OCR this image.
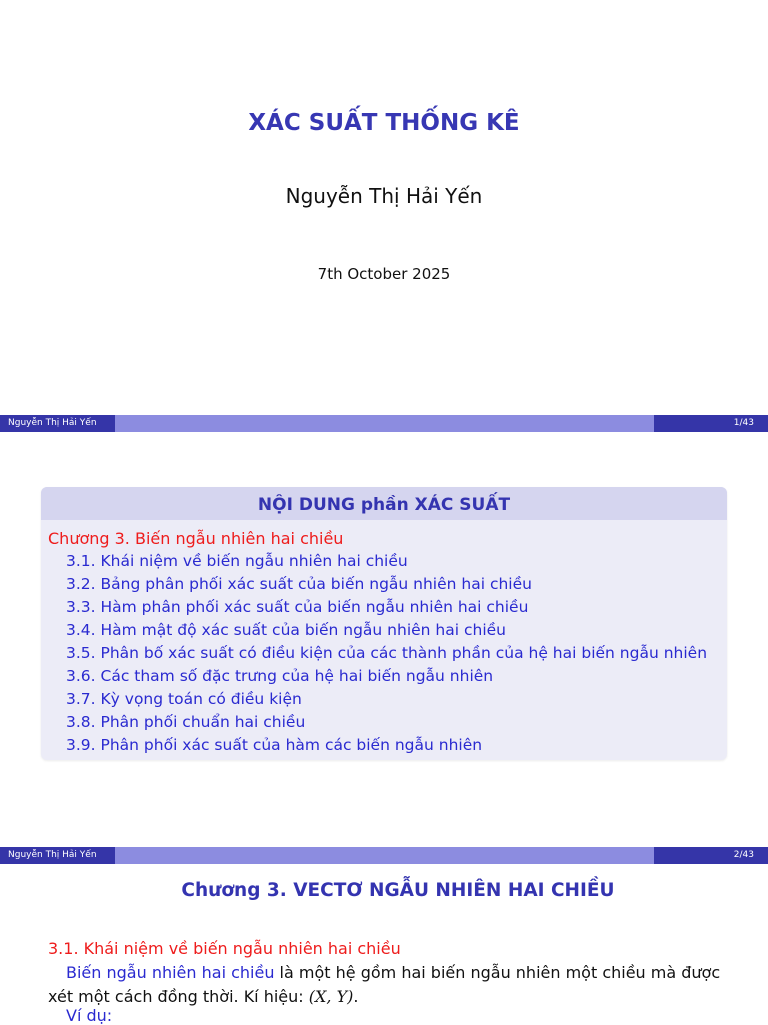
XÁC SUẤT THỐNG KÊ
Nguyễn Thị Hải Yến
7th October 2025
Nguyễn Thị Hải Yến	1/43
NỘI DUNG phần XÁC SUẤT
Chương 3. Biến ngẫu nhiên hai chiều
3.1. Khái niệm về biến ngẫu nhiên hai chiều
3.2. Bảng phân phối xác suất của biến ngẫu nhiên hai chiều
3.3. Hàm phân phối xác suất của biến ngẫu nhiên hai chiều
3.4. Hàm mật độ xác suất của biến ngẫu nhiên hai chiều
3.5. Phân bố xác suất có điều kiện của các thành phần của hệ hai biến ngẫu nhiên
3.6. Các tham số đặc trưng của hệ hai biến ngẫu nhiên
3.7. Kỳ vọng toán có điều kiện
3.8. Phân phối chuẩn hai chiều
3.9. Phân phối xác suất của hàm các biến ngẫu nhiên
Nguyễn Thị Hải Yến	2/43
Chương 3. VECTƠ NGẪU NHIÊN HAI CHIỀU
3.1. Khái niệm về biến ngẫu nhiên hai chiều
Biến ngẫu nhiên hai chiều là một hệ gồm hai biến ngẫu nhiên một chiều mà được xét một cách đồng thời. Kí hiệu: (X, Y).
Ví dụ:
